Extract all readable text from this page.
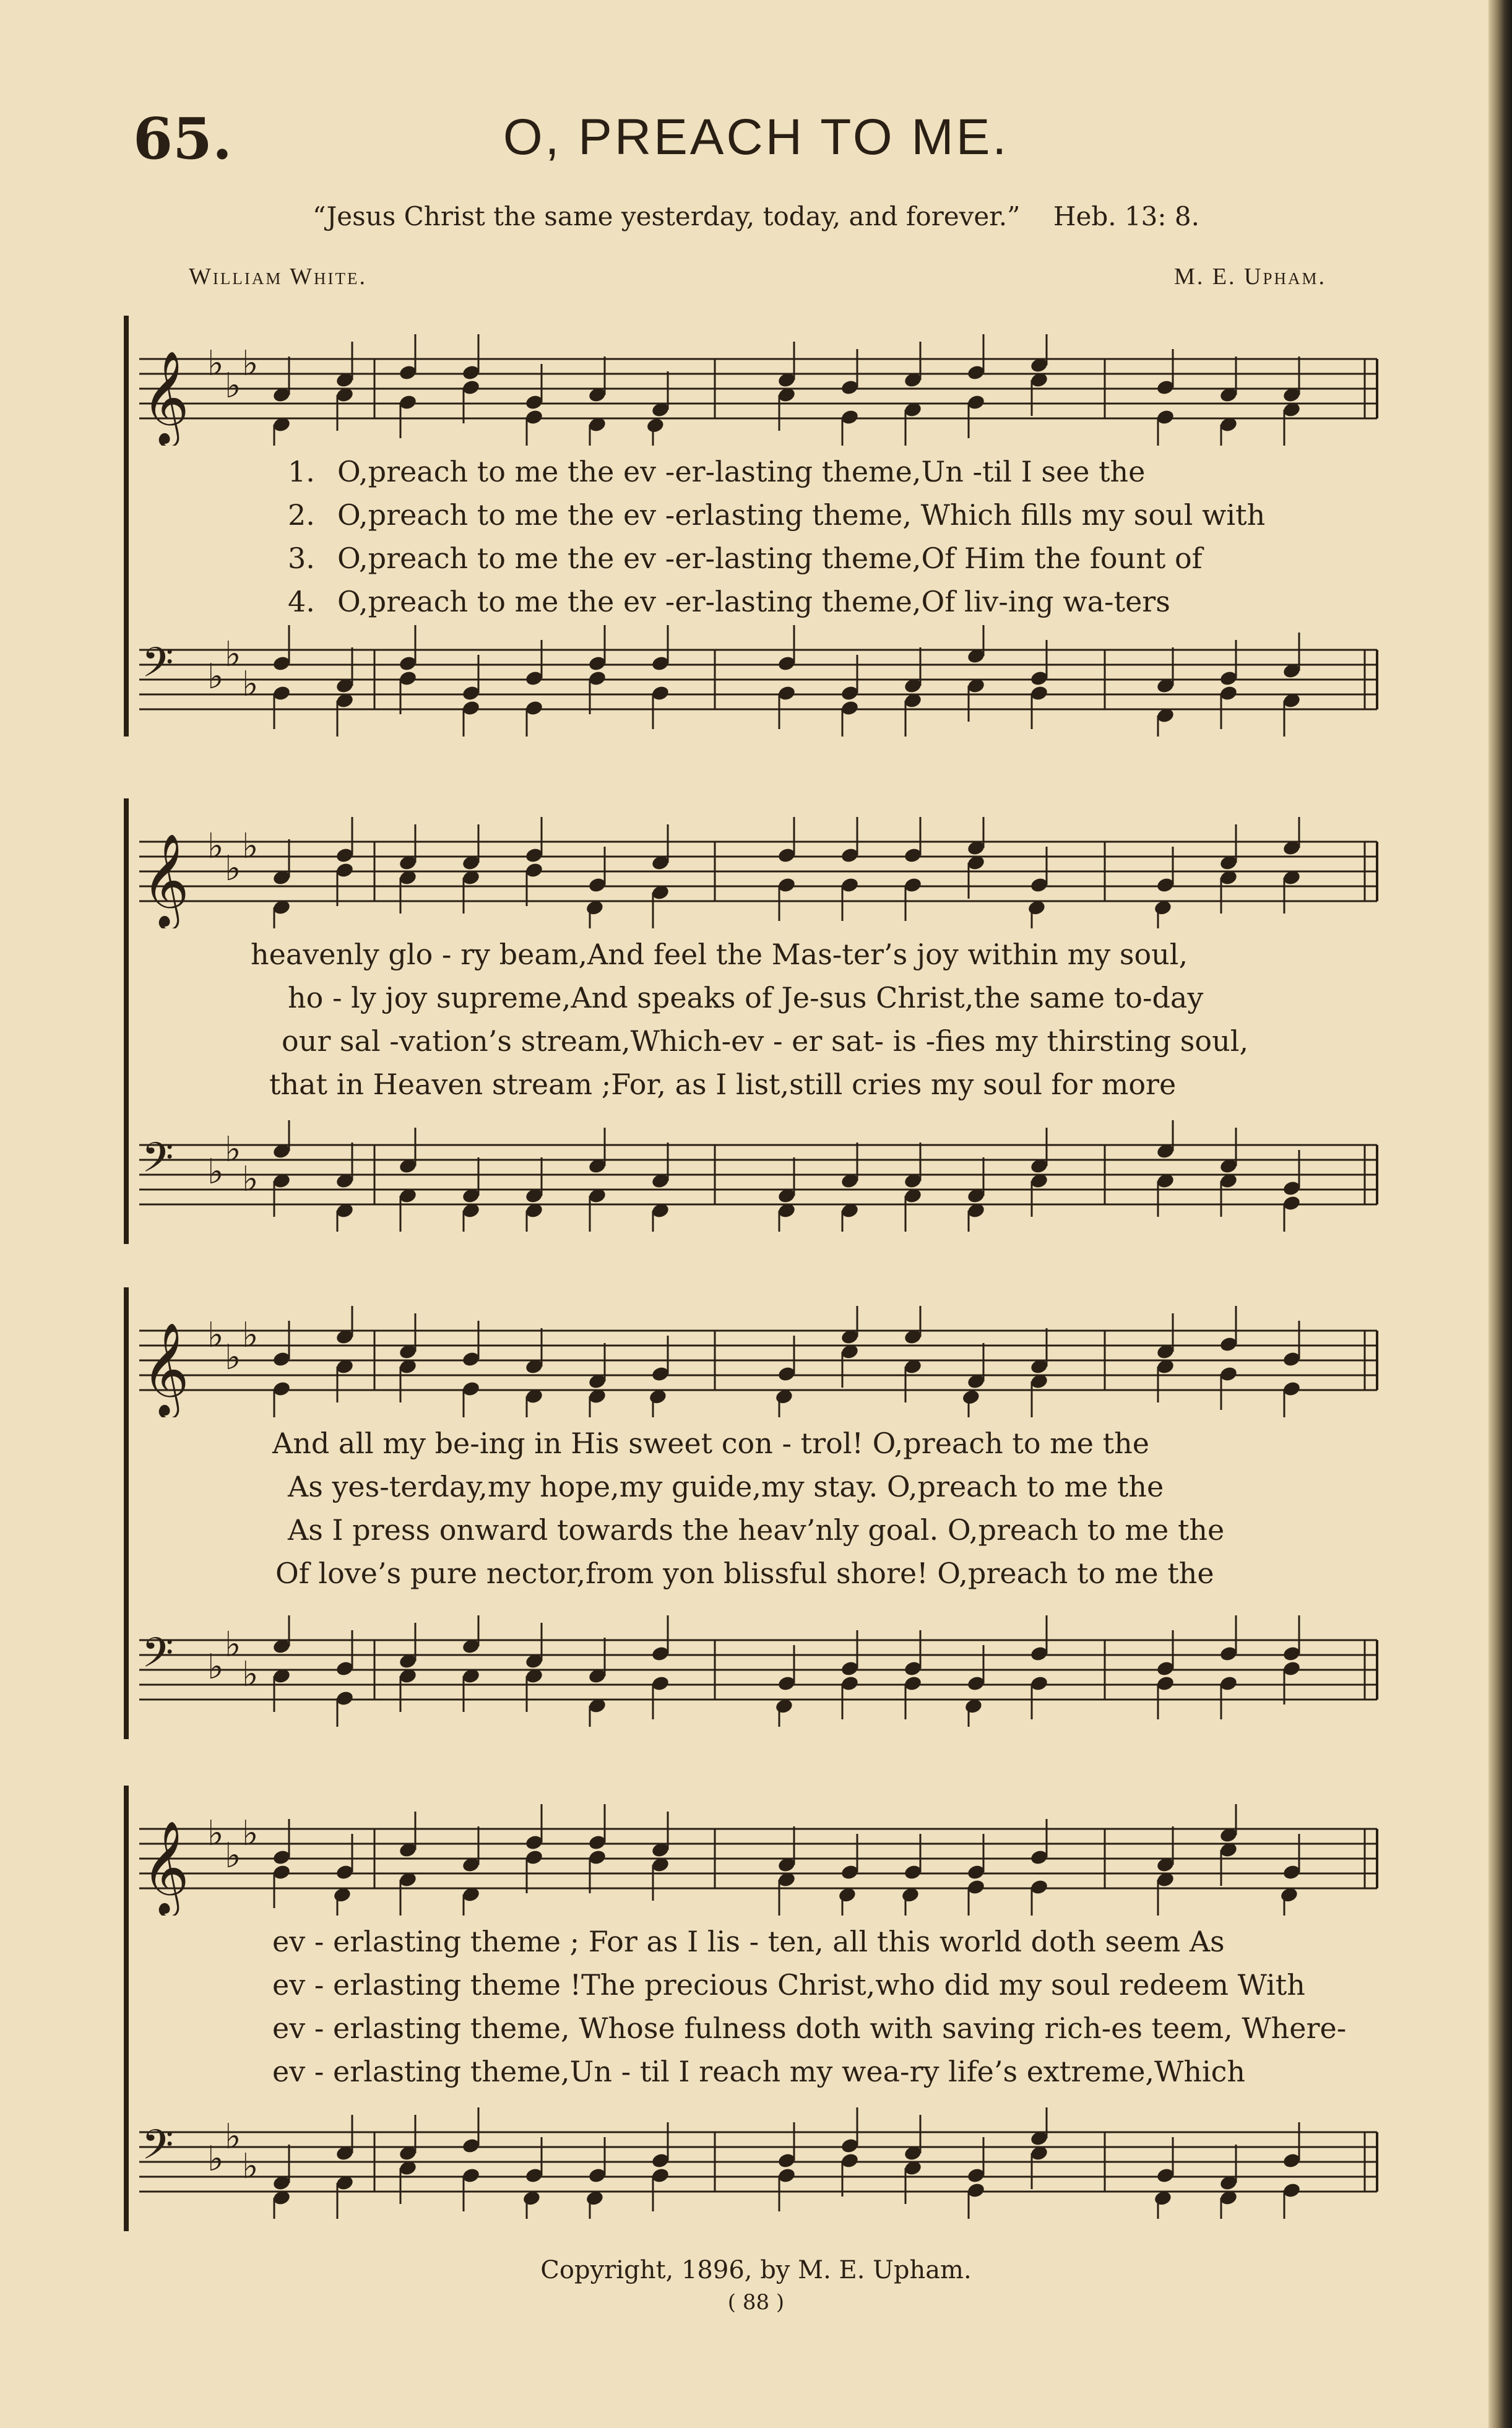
65.	O, PREACH TO ME.
“Jesus Christ the same yesterday, today, and forever.” Heb. 13: 8.
William White.	M. E. Upham.
𝄞 ♭
♭
♭
1. O,preach to me the ev -er-lasting theme,Un -til I see the
2. O,preach to me the ev -erlasting theme, Which fills my soul with
3. O,preach to me the ev -er-lasting theme,Of Him the fount of
4. O,preach to me the ev -er-lasting theme,Of liv-ing wa-ters
𝄢 ♭
♭
♭
𝄞 ♭
♭
♭
heavenly glo - ry beam,And feel the Mas-ter’s joy within my soul,
ho - ly joy supreme,And speaks of Je-sus Christ,the same to-day
our sal -vation’s stream,Which-ev - er sat- is -fies my thirsting soul,
that in Heaven stream ;For, as I list,still cries my soul for more
𝄢 ♭
♭
♭
𝄞 ♭
♭
♭
And all my be-ing in His sweet con - trol! O,preach to me the
As yes-terday,my hope,my guide,my stay. O,preach to me the
As I press onward towards the heav’nly goal. O,preach to me the
Of love’s pure nector,from yon blissful shore! O,preach to me the
𝄢 ♭
♭
♭
𝄞 ♭
♭
♭
ev - erlasting theme ; For as I lis - ten, all this world doth seem As
ev - erlasting theme !The precious Christ,who did my soul redeem With
ev - erlasting theme, Whose fulness doth with saving rich-es teem, Where-
ev - erlasting theme,Un - til I reach my wea-ry life’s extreme,Which
𝄢 ♭
♭
♭
Copyright, 1896, by M. E. Upham.
( 88 )
